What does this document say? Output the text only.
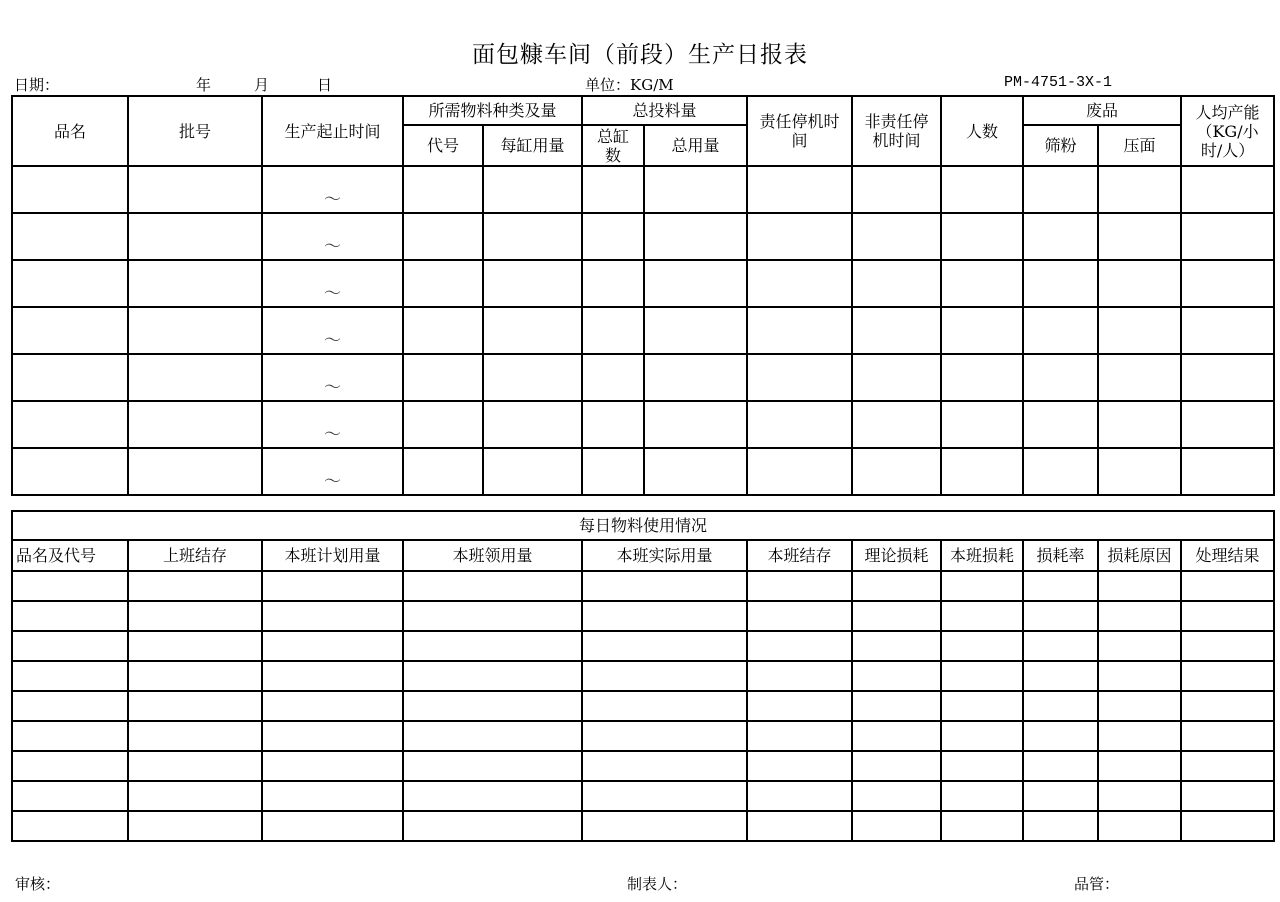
面包糠车间（前段）生产日报表
日期：	年	月	日	单位：KG/M	PM-4751-3X-1
品名	批号	生产起止时间	所需物料种类及量		总投料量		责任停机时间	非责任停机时间	人数	废品		人均产能（KG/小时/人）
			代号	每缸用量	总缸数	总用量				筛粉	压面	

		～										

		～										

		～										

		～										

		～										

		～										

		～										

每日物料使用情况										
品名及代号	上班结存	本班计划用量	本班领用量	本班实际用量	本班结存	理论损耗	本班损耗	损耗率	损耗原因	处理结果

审核：	制表人：	品管：
